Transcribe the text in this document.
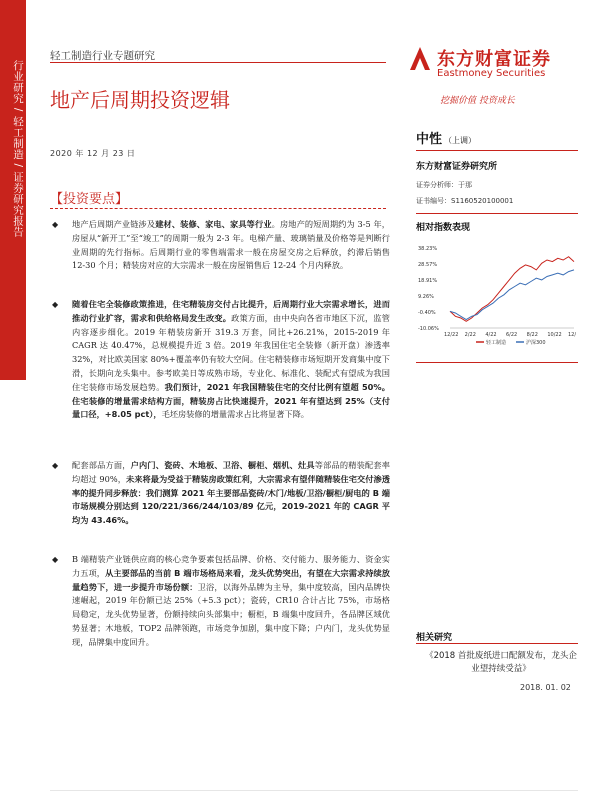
行业研究 / 轻工制造 / 证券研究报告
轻工制造行业专题研究
地产后周期投资逻辑
2020 年 12 月 23 日
【投资要点】
◆ 地产后周期产业链涉及建材、装修、家电、家具等行业。房地产的短周期约为 3-5 年，房屋从“新开工”至“竣工”的周期一般为 2-3 年。电梯产量、玻璃销量及价格等是判断行业周期的先行指标。后周期行业的零售端需求一般在房屋交房之后释放，约滞后销售 12-30 个月；精装房对应的大宗需求一般在房屋销售后 12-24 个月内释放。
◆ 随着住宅全装修政策推进，住宅精装房交付占比提升，后周期行业大宗需求增长，进而推动行业扩容，需求和供给格局发生改变。政策方面，由中央向各省市地区下沉，监管内容逐步细化。2019 年精装房新开 319.3 万套，同比+26.21%，2015-2019 年 CAGR 达 40.47%，总规模提升近 3 倍。2019 年我国住宅全装修（新开盘）渗透率 32%，对比欧美国家 80%+覆盖率仍有较大空间。住宅精装修市场短期开发商集中度下滑，长期向龙头集中。参考欧美日等成熟市场，专业化、标准化、装配式有望成为我国住宅装修市场发展趋势。我们预计，2021 年我国精装住宅的交付比例有望超 50%。住宅装修的增量需求结构方面，精装房占比快速提升，2021 年有望达到 25%（支付量口径，+8.05 pct），毛坯房装修的增量需求占比将显著下降。
◆ 配套部品方面，户内门、瓷砖、木地板、卫浴、橱柜、烟机、灶具等部品的精装配套率均超过 90%，未来将最为受益于精装房政策红利，大宗需求有望伴随精装住宅交付渗透率的提升同步释放：我们测算 2021 年主要部品瓷砖/木门/地板/卫浴/橱柜/厨电的 B 端市场规模分别达到 120/221/366/244/103/89 亿元，2019-2021 年的 CAGR 平均为 43.46%。
◆ B 端精装产业链供应商的核心竞争要素包括品牌、价格、交付能力、服务能力、资金实力五项，从主要部品的当前 B 端市场格局来看，龙头优势突出，有望在大宗需求持续放量趋势下，进一步提升市场份额：卫浴，以海外品牌为主导，集中度较高，国内品牌快速崛起，2019 年份额已达 25%（+5.3 pct）；瓷砖，CR10 合计占比 75%，市场格局稳定，龙头优势显著，份额持续向头部集中；橱柜，B 端集中度回升，各品牌区域优势显著；木地板，TOP2 品牌领跑，市场竞争加剧，集中度下降；户内门，龙头优势显现，品牌集中度回升。
东方财富证券
Eastmoney Securities
挖掘价值 投资成长
中性 （上调）
东方财富证券研究所
证券分析师：于那
证书编号：S1160520100001
相对指数表现
38.23%
28.57%
18.91%
9.26%
-0.40%
-10.06%
12/22 2/22 4/22 6/22 8/22 10/22 12/
轻工制造	沪深300
相关研究
《2018 首批废纸进口配额发布，龙头企业望持续受益》
2018. 01. 02
